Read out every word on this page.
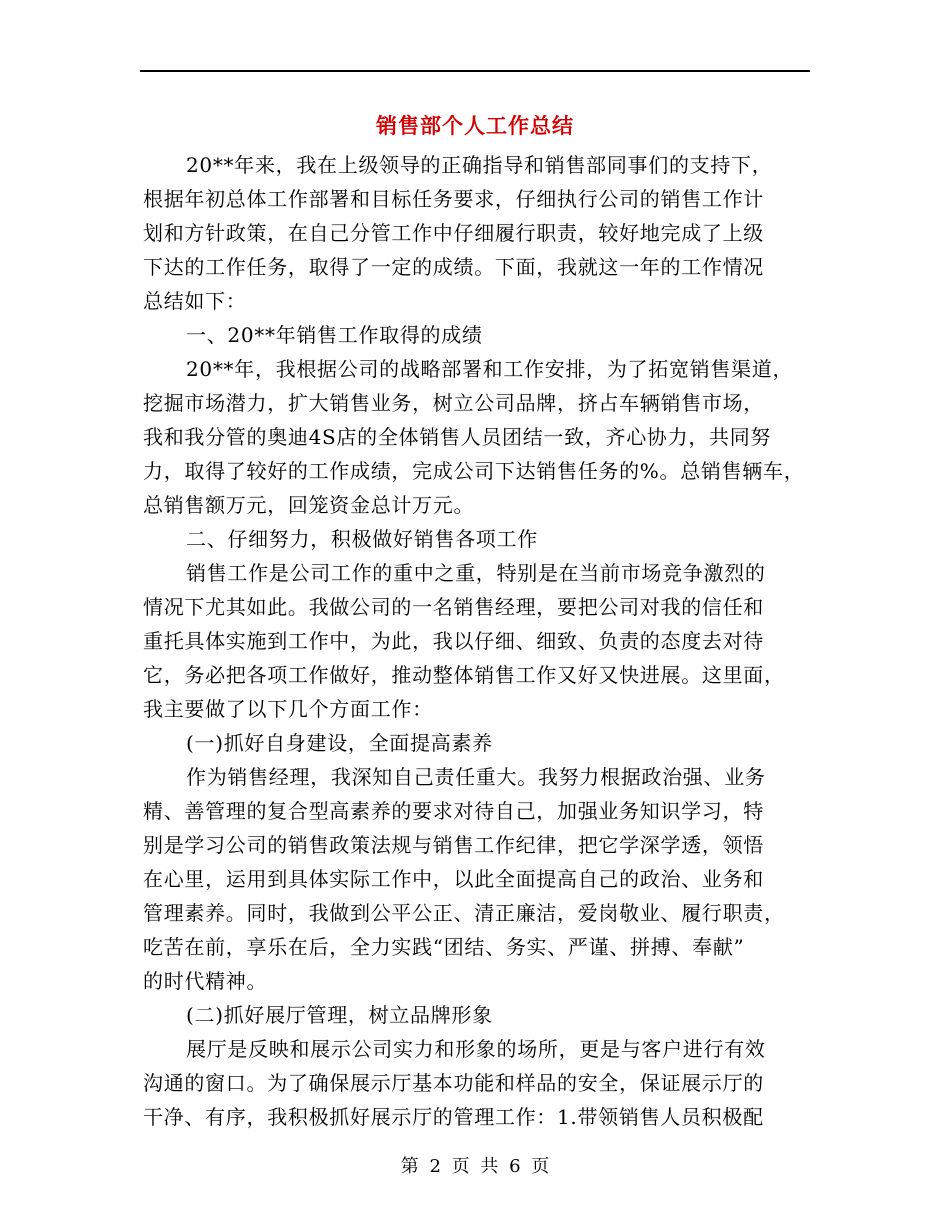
销售部个人工作总结
20**年来，我在上级领导的正确指导和销售部同事们的支持下，
根据年初总体工作部署和目标任务要求，仔细执行公司的销售工作计
划和方针政策，在自己分管工作中仔细履行职责，较好地完成了上级
下达的工作任务，取得了一定的成绩。下面，我就这一年的工作情况
总结如下：
一、20**年销售工作取得的成绩
20**年，我根据公司的战略部署和工作安排，为了拓宽销售渠道，
挖掘市场潜力，扩大销售业务，树立公司品牌，挤占车辆销售市场，
我和我分管的奥迪4S店的全体销售人员团结一致，齐心协力，共同努
力，取得了较好的工作成绩，完成公司下达销售任务的%。总销售辆车，
总销售额万元，回笼资金总计万元。
二、仔细努力，积极做好销售各项工作
销售工作是公司工作的重中之重，特别是在当前市场竞争激烈的
情况下尤其如此。我做公司的一名销售经理，要把公司对我的信任和
重托具体实施到工作中，为此，我以仔细、细致、负责的态度去对待
它，务必把各项工作做好，推动整体销售工作又好又快进展。这里面，
我主要做了以下几个方面工作：
(一)抓好自身建设，全面提高素养
作为销售经理，我深知自己责任重大。我努力根据政治强、业务
精、善管理的复合型高素养的要求对待自己，加强业务知识学习，特
别是学习公司的销售政策法规与销售工作纪律，把它学深学透，领悟
在心里，运用到具体实际工作中，以此全面提高自己的政治、业务和
管理素养。同时，我做到公平公正、清正廉洁，爱岗敬业、履行职责，
吃苦在前，享乐在后，全力实践“团结、务实、严谨、拼搏、奉献”
的时代精神。
(二)抓好展厅管理，树立品牌形象
展厅是反映和展示公司实力和形象的场所，更是与客户进行有效
沟通的窗口。为了确保展示厅基本功能和样品的安全，保证展示厅的
干净、有序，我积极抓好展示厅的管理工作：1.带领销售人员积极配
第 2 页 共 6 页
